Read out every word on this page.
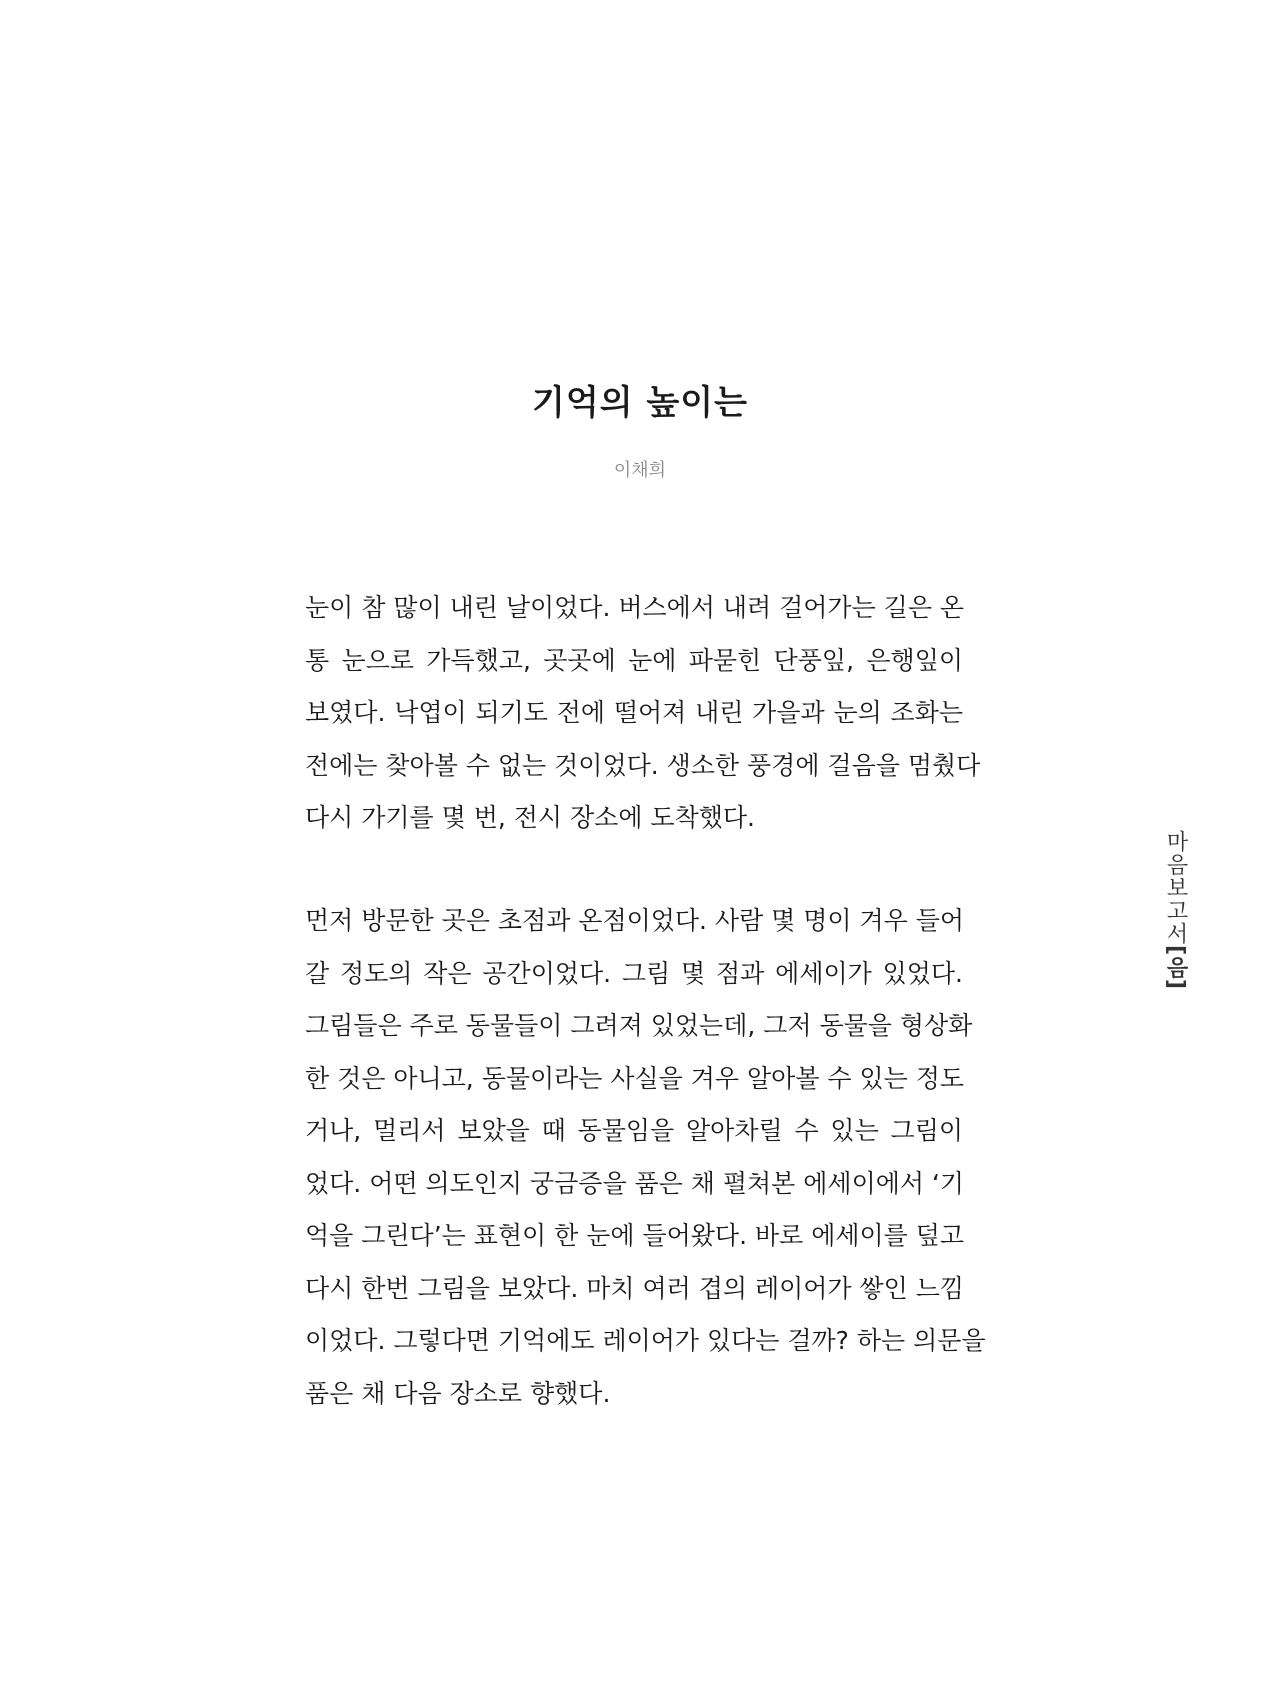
기억의 높이는
이채희
눈이 참 많이 내린 날이었다. 버스에서 내려 걸어가는 길은 온
통 눈으로 가득했고, 곳곳에 눈에 파묻힌 단풍잎, 은행잎이
보였다. 낙엽이 되기도 전에 떨어져 내린 가을과 눈의 조화는
전에는 찾아볼 수 없는 것이었다. 생소한 풍경에 걸음을 멈췄다
다시 가기를 몇 번, 전시 장소에 도착했다.
먼저 방문한 곳은 초점과 온점이었다. 사람 몇 명이 겨우 들어
갈 정도의 작은 공간이었다. 그림 몇 점과 에세이가 있었다.
그림들은 주로 동물들이 그려져 있었는데, 그저 동물을 형상화
한 것은 아니고, 동물이라는 사실을 겨우 알아볼 수 있는 정도
거나, 멀리서 보았을 때 동물임을 알아차릴 수 있는 그림이
었다. 어떤 의도인지 궁금증을 품은 채 펼쳐본 에세이에서 ‘기
억을 그린다’는 표현이 한 눈에 들어왔다. 바로 에세이를 덮고
다시 한번 그림을 보았다. 마치 여러 겹의 레이어가 쌓인 느낌
이었다. 그렇다면 기억에도 레이어가 있다는 걸까? 하는 의문을
품은 채 다음 장소로 향했다.
마음보고서[음]
